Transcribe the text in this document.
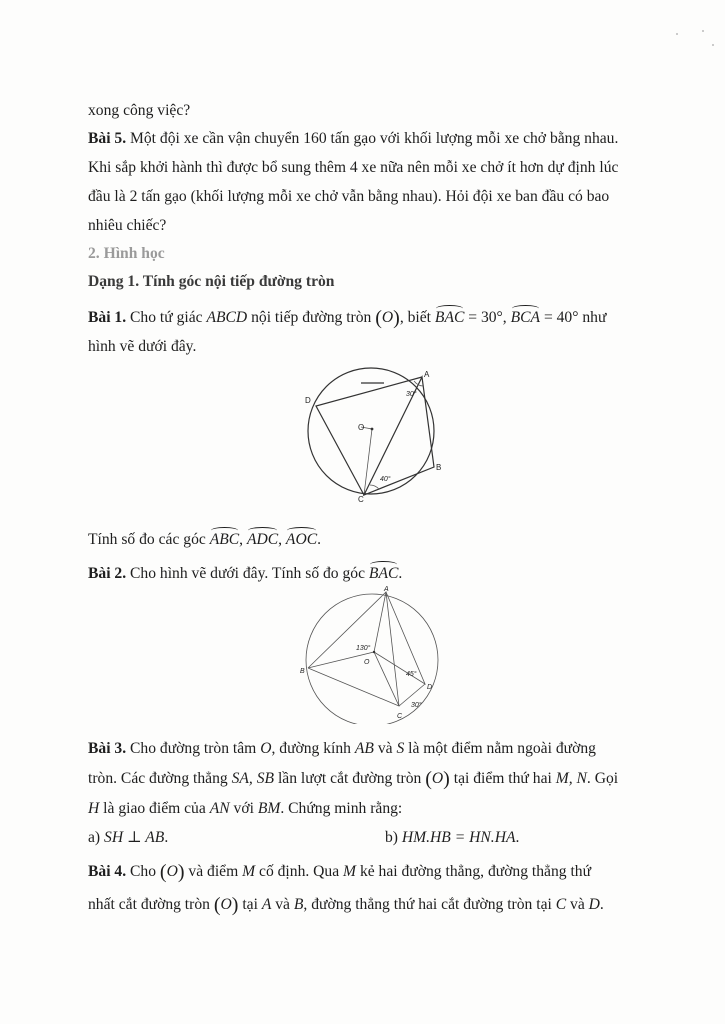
xong công việc?
Bài 5. Một đội xe cần vận chuyển 160 tấn gạo với khối lượng mỗi xe chở bằng nhau.
Khi sắp khởi hành thì được bổ sung thêm 4 xe nữa nên mỗi xe chở ít hơn dự định lúc
đầu là 2 tấn gạo (khối lượng mỗi xe chở vẫn bằng nhau). Hỏi đội xe ban đầu có bao
nhiêu chiếc?
2. Hình học
Dạng 1. Tính góc nội tiếp đường tròn
Bài 1. Cho tứ giác ABCD nội tiếp đường tròn (O), biết BAC = 30°, BCA = 40° như
hình vẽ dưới đây.
A
B
C
D
O
30°
40°
Tính số đo các góc ABC, ADC, AOC.
Bài 2. Cho hình vẽ dưới đây. Tính số đo góc BAC.
A
B
C
D
O
130°
45°
30°
Bài 3. Cho đường tròn tâm O, đường kính AB và S là một điểm nằm ngoài đường
tròn. Các đường thẳng SA, SB lần lượt cắt đường tròn (O) tại điểm thứ hai M, N. Gọi
H là giao điểm của AN với BM. Chứng minh rằng:
a) SH ⊥ AB.	b) HM.HB = HN.HA.
Bài 4. Cho (O) và điểm M cố định. Qua M kẻ hai đường thẳng, đường thẳng thứ
nhất cắt đường tròn (O) tại A và B, đường thẳng thứ hai cắt đường tròn tại C và D.
